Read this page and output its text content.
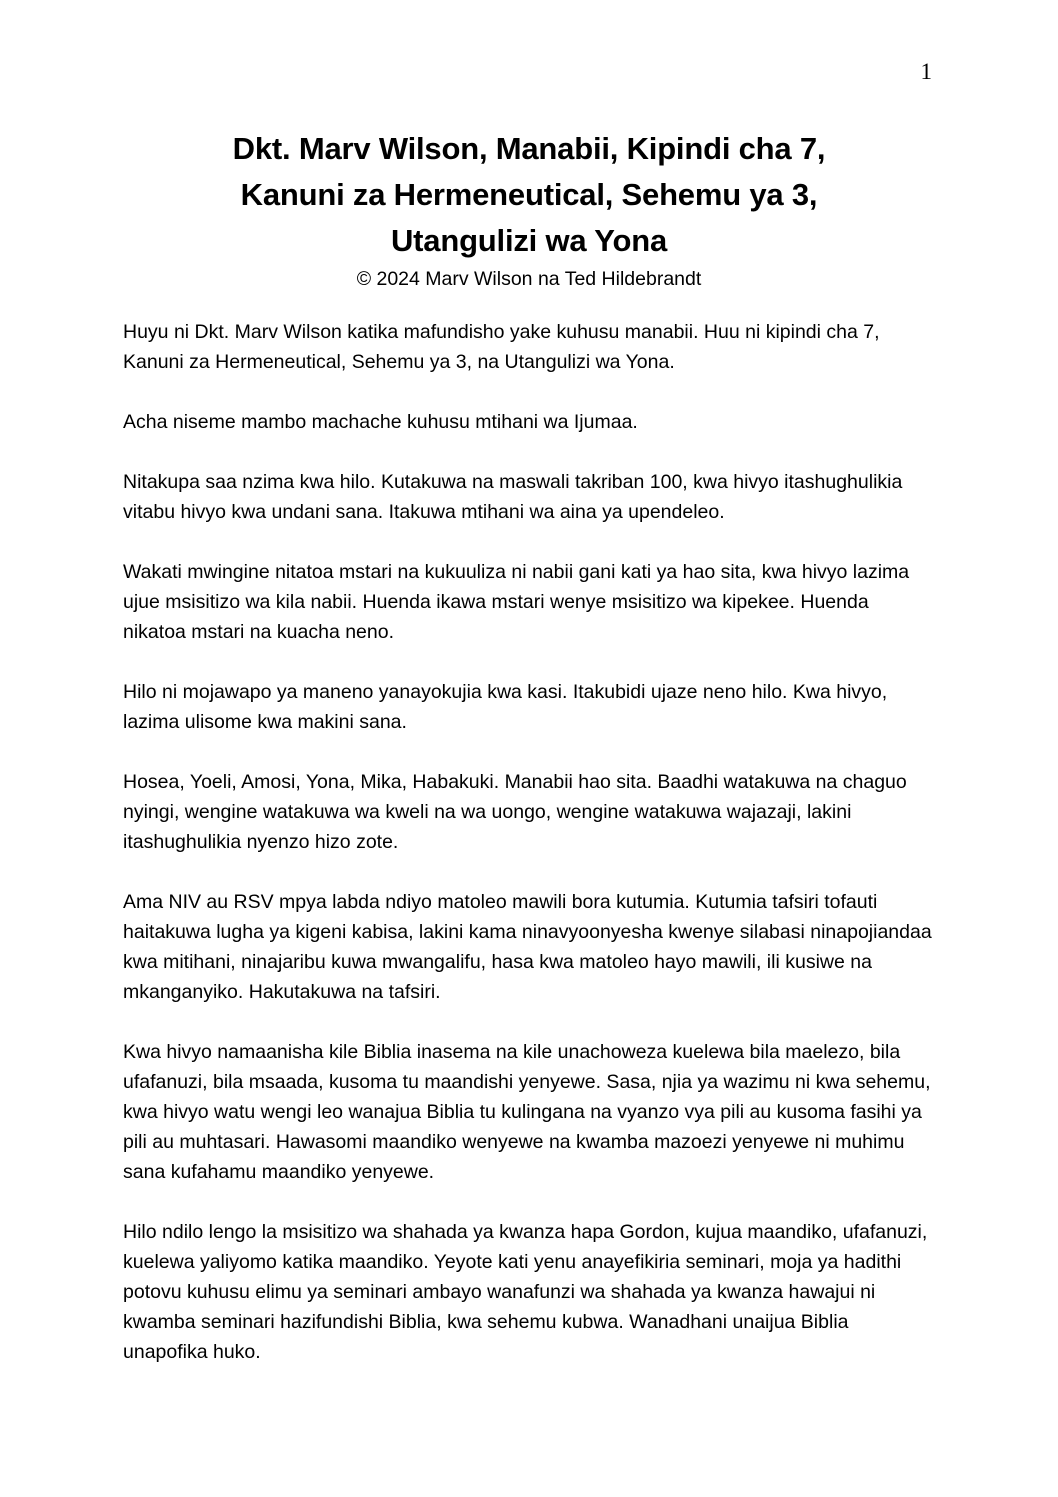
1
Dkt. Marv Wilson, Manabii, Kipindi cha 7,
Kanuni za Hermeneutical, Sehemu ya 3,
Utangulizi wa Yona
© 2024 Marv Wilson na Ted Hildebrandt

Huyu ni Dkt. Marv Wilson katika mafundisho yake kuhusu manabii. Huu ni kipindi cha 7, Kanuni za Hermeneutical, Sehemu ya 3, na Utangulizi wa Yona.

Acha niseme mambo machache kuhusu mtihani wa Ijumaa.

Nitakupa saa nzima kwa hilo. Kutakuwa na maswali takriban 100, kwa hivyo itashughulikia vitabu hivyo kwa undani sana. Itakuwa mtihani wa aina ya upendeleo.

Wakati mwingine nitatoa mstari na kukuuliza ni nabii gani kati ya hao sita, kwa hivyo lazima ujue msisitizo wa kila nabii. Huenda ikawa mstari wenye msisitizo wa kipekee. Huenda nikatoa mstari na kuacha neno.

Hilo ni mojawapo ya maneno yanayokujia kwa kasi. Itakubidi ujaze neno hilo. Kwa hivyo, lazima ulisome kwa makini sana.

Hosea, Yoeli, Amosi, Yona, Mika, Habakuki. Manabii hao sita. Baadhi watakuwa na chaguo nyingi, wengine watakuwa wa kweli na wa uongo, wengine watakuwa wajazaji, lakini itashughulikia nyenzo hizo zote.

Ama NIV au RSV mpya labda ndiyo matoleo mawili bora kutumia. Kutumia tafsiri tofauti haitakuwa lugha ya kigeni kabisa, lakini kama ninavyoonyesha kwenye silabasi ninapojiandaa kwa mitihani, ninajaribu kuwa mwangalifu, hasa kwa matoleo hayo mawili, ili kusiwe na mkanganyiko. Hakutakuwa na tafsiri.

Kwa hivyo namaanisha kile Biblia inasema na kile unachoweza kuelewa bila maelezo, bila ufafanuzi, bila msaada, kusoma tu maandishi yenyewe. Sasa, njia ya wazimu ni kwa sehemu, kwa hivyo watu wengi leo wanajua Biblia tu kulingana na vyanzo vya pili au kusoma fasihi ya pili au muhtasari. Hawasomi maandiko wenyewe na kwamba mazoezi yenyewe ni muhimu sana kufahamu maandiko yenyewe.

Hilo ndilo lengo la msisitizo wa shahada ya kwanza hapa Gordon, kujua maandiko, ufafanuzi, kuelewa yaliyomo katika maandiko. Yeyote kati yenu anayefikiria seminari, moja ya hadithi potovu kuhusu elimu ya seminari ambayo wanafunzi wa shahada ya kwanza hawajui ni kwamba seminari hazifundishi Biblia, kwa sehemu kubwa. Wanadhani unaijua Biblia unapofika huko.
